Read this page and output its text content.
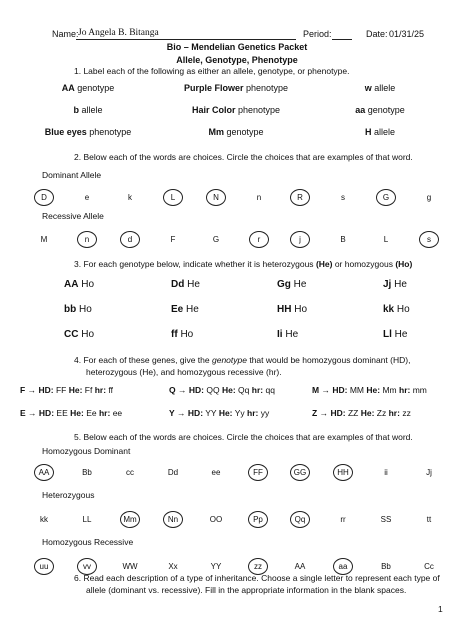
Name: Jo Angela B. Bitanga	Period:	Date: 01/31/25
Bio – Mendelian Genetics Packet
Allele, Genotype, Phenotype
1. Label each of the following as either an allele, genotype, or phenotype.
AA genotype	Purple Flower phenotype	w allele
b allele	Hair Color phenotype	aa genotype
Blue eyes phenotype	Mm genotype	H allele
2. Below each of the words are choices. Circle the choices that are examples of that word.
Dominant Allele
D	e	k	L	N	n	R	s	G	g
Recessive Allele
M	n	d	F	G	r	j	B	L	s
3. For each genotype below, indicate whether it is heterozygous (He) or homozygous (Ho)
AA Ho	Dd He	Gg He	Jj He
bb Ho	Ee He	HH Ho	kk Ho
CC Ho	ff Ho	Ii He	Ll He
4. For each of these genes, give the genotype that would be homozygous dominant (HD),
heterozygous (He), and homozygous recessive (hr).
F → HD: FF He: Ff hr: ff	Q → HD: QQ He: Qq hr: qq	M → HD: MM He: Mm hr: mm
E → HD: EE He: Ee hr: ee	Y → HD: YY He: Yy hr: yy	Z → HD: ZZ He: Zz hr: zz
5. Below each of the words are choices. Circle the choices that are examples of that word.
Homozygous Dominant
AA	Bb	cc	Dd	ee	FF	GG	HH	ii	Jj
Heterozygous
kk	LL	Mm	Nn	OO	Pp	Qq	rr	SS	tt
Homozygous Recessive
uu	vv	WW	Xx	YY	zz	AA	aa	Bb	Cc
6. Read each description of a type of inheritance. Choose a single letter to represent each type of
allele (dominant vs. recessive). Fill in the appropriate information in the blank spaces.
1
